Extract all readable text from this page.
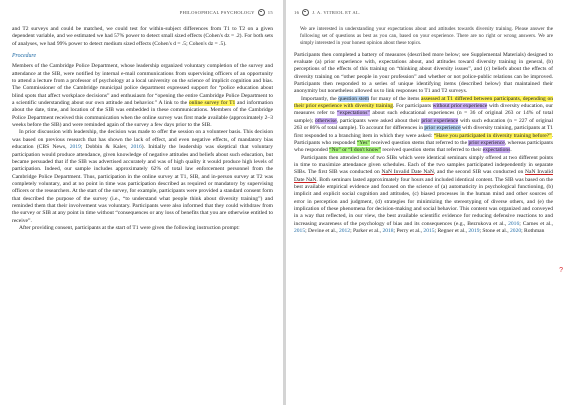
PHILOSOPHICAL PSYCHOLOGY	15

and T2 surveys and could be matched, we could test for within-subject differences from T1 to T2 on a given dependent variable, and we estimated we had 57% power to detect small sized effects (Cohen's dz = .2). For both sets of analyses, we had 99% power to detect medium sized effects (Cohen's d = .5; Cohen's dz = .5).

Procedure

Members of the Cambridge Police Department, whose leadership organized voluntary completion of the survey and attendance at the SIB, were notified by internal e-mail communications from supervising officers of an opportunity to attend a lecture from a professor of psychology at a local university on the science of implicit cognition and bias. The Commissioner of the Cambridge municipal police department expressed support for “police education about blind spots that affect workplace decisions” and enthusiasm for “opening the entire Cambridge Police Department to a scientific understanding about our own attitude and behavior.” A link to the online survey for T1 and information about the date, time, and location of the SIB was embedded in these communications. Members of the Cambridge Police Department received this communication when the online survey was first made available (approximately 2–3 weeks before the SIB) and were reminded again of the survey a few days prior to the SIB.

In prior discussion with leadership, the decision was made to offer the session on a volunteer basis. This decision was based on previous research that has shown the lack of effect, and even negative effects, of mandatory bias education (CBS News, 2019; Dobbin & Kalev, 2016). Initially the leadership was skeptical that voluntary participation would produce attendance, given knowledge of negative attitudes and beliefs about such education, but became persuaded that if the SIB was advertised accurately and was of high quality it would produce high levels of participation. Indeed, our sample includes approximately 62% of total law enforcement personnel from the Cambridge Police Department. Thus, participation in the online survey at T1, SIB, and in-person survey at T2 was completely voluntary, and at no point in time was participation described as required or mandatory by supervising officers or the researchers. At the start of the survey, for example, participants were provided a standard consent form that described the purpose of the survey (i.e., “to understand what people think about diversity training”) and reminded them that their involvement was voluntary. Participants were also informed that they could withdraw from the survey or SIB at any point in time without “consequences or any loss of benefits that you are otherwise entitled to receive”.

After providing consent, participants at the start of T1 were given the following instruction prompt:

16	J. A. VITRIOL ET AL.
We are interested in understanding your expectations about and attitudes towards diversity training. Please answer the following set of questions as best as you can, based on your experience. There are no right or wrong answers. We are simply interested in your honest opinion about these topics.

Participants then completed a battery of measures (described more below; see Supplemental Materials) designed to evaluate (a) prior experience with, expectations about, and attitudes toward diversity training in general, (b) perceptions of the effects of this training on “thinking about diversity issues”, and (c) beliefs about the effects of diversity training on “other people in your profession” and whether or not police-public relations can be improved. Participants then responded to a series of unique identifying items (described below) that maintained their anonymity but nonetheless allowed us to link responses to T1 and T2 surveys.

Importantly, the question stem for many of the items assessed at T1 differed between participants, depending on their prior experience with diversity training. For participants without prior experience with diversity education, our measures refer to “expectations” about such educational experiences (n = 36 of original 263 or 14% of total sample); otherwise, participants were asked about their prior experience with such education (n = 227 of original 263 or 86% of total sample). To account for differences in prior experience with diversity training, participants at T1 first responded to a branching item in which they were asked: “Have you participated in diversity training before?”. Participants who responded “Yes” received question stems that referred to the prior experience, whereas participants who responded “No” or “I don't know” received question stems that referred to their expectations.

Participants then attended one of two SIBs which were identical seminars simply offered at two different points in time to maximize attendance given schedules. Each of the two samples participated independently in separate SIBs. The first SIB was conducted on NaN Invalid Date NaN, and the second SIB was conducted on NaN Invalid Date NaN. Both seminars lasted approximately four hours and included identical content. The SIB was based on the best available empirical evidence and focused on the science of (a) automaticity in psychological functioning, (b) implicit and explicit social cognition and attitudes, (c) biased processes in the human mind and other sources of error in perception and judgment, (d) strategies for minimizing the stereotyping of diverse others, and (e) the implication of these phenomena for decision-making and social behavior. This content was organized and conveyed in a way that reflected, in our view, the best available scientific evidence for reducing defensive reactions to and increasing awareness of the psychology of bias and its consequences (e.g., Bezrukova et al., 2016; Carnes et al., 2015; Devine et al., 2012; Parker et al., 2018; Perry et al., 2015; Regner et al., 2019; Stone et al., 2020; Rothman

?
